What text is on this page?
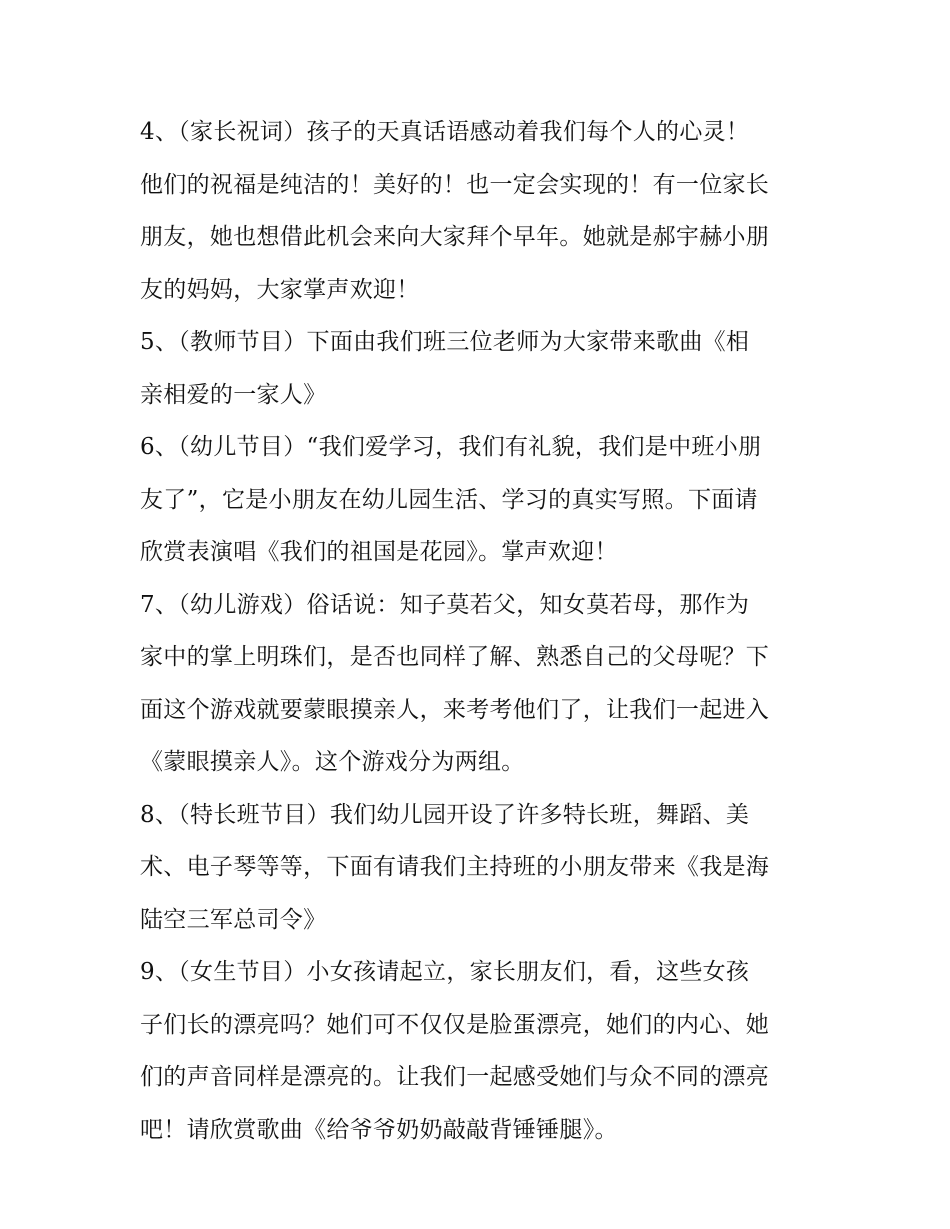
4、（家长祝词）孩子的天真话语感动着我们每个人的心灵！
他们的祝福是纯洁的！美好的！也一定会实现的！有一位家长
朋友，她也想借此机会来向大家拜个早年。她就是郝宇赫小朋
友的妈妈，大家掌声欢迎！
5、（教师节目）下面由我们班三位老师为大家带来歌曲《相
亲相爱的一家人》
6、（幼儿节目）“我们爱学习，我们有礼貌，我们是中班小朋
友了”，它是小朋友在幼儿园生活、学习的真实写照。下面请
欣赏表演唱《我们的祖国是花园》。掌声欢迎！
7、（幼儿游戏）俗话说：知子莫若父，知女莫若母，那作为
家中的掌上明珠们，是否也同样了解、熟悉自己的父母呢？下
面这个游戏就要蒙眼摸亲人，来考考他们了，让我们一起进入
《蒙眼摸亲人》。这个游戏分为两组。
8、（特长班节目）我们幼儿园开设了许多特长班，舞蹈、美
术、电子琴等等，下面有请我们主持班的小朋友带来《我是海
陆空三军总司令》
9、（女生节目）小女孩请起立，家长朋友们，看，这些女孩
子们长的漂亮吗？她们可不仅仅是脸蛋漂亮，她们的内心、她
们的声音同样是漂亮的。让我们一起感受她们与众不同的漂亮
吧！请欣赏歌曲《给爷爷奶奶敲敲背锤锤腿》。
